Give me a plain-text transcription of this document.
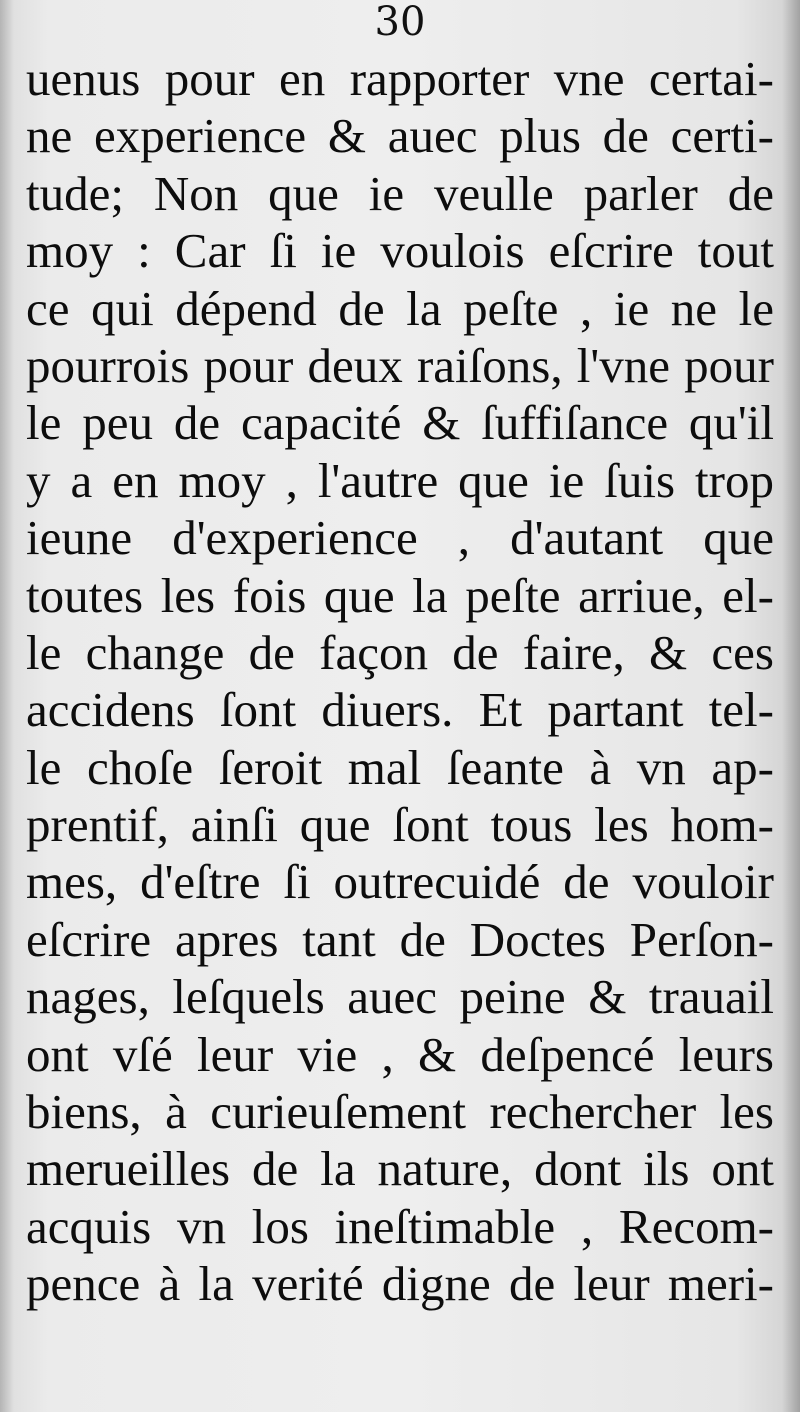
30
uenus pour en rapporter vne certai-
ne experience & auec plus de certi-
tude; Non que ie veulle parler de
moy : Car ſi ie voulois eſcrire tout
ce qui dépend de la peſte , ie ne le
pourrois pour deux raiſons, l'vne pour
le peu de capacité & ſuffiſance qu'il
y a en moy , l'autre que ie ſuis trop
ieune d'experience , d'autant que
toutes les fois que la peſte arriue, el-
le change de façon de faire, & ces
accidens ſont diuers. Et partant tel-
le choſe ſeroit mal ſeante à vn ap-
prentif, ainſi que ſont tous les hom-
mes, d'eſtre ſi outrecuidé de vouloir
eſcrire apres tant de Doctes Perſon-
nages, leſquels auec peine & trauail
ont vſé leur vie , & deſpencé leurs
biens, à curieuſement rechercher les
merueilles de la nature, dont ils ont
acquis vn los ineſtimable , Recom-
pence à la verité digne de leur meri-
